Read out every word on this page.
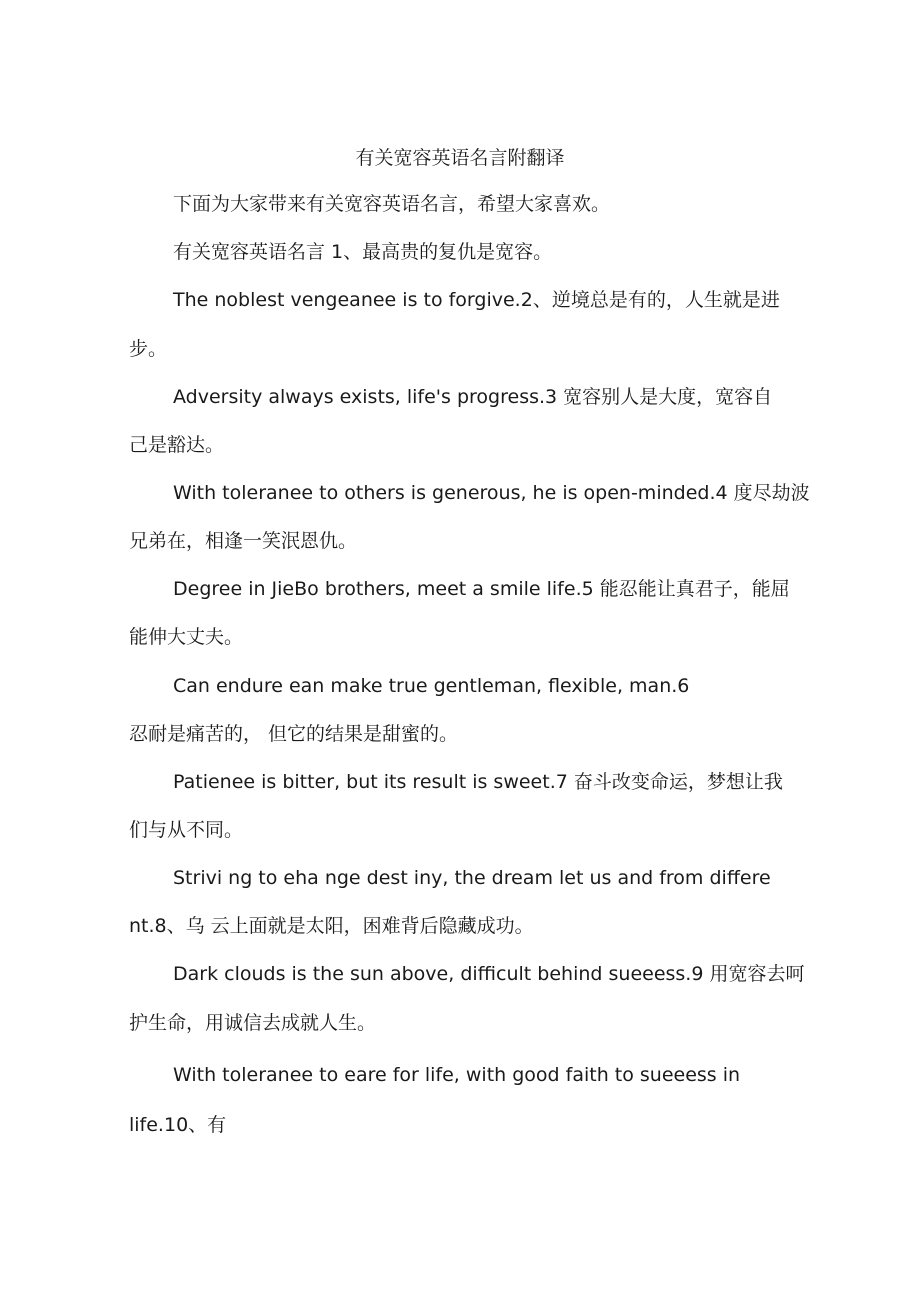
有关宽容英语名言附翻译
下面为大家带来有关宽容英语名言，希望大家喜欢。
有关宽容英语名言 1、最高贵的复仇是宽容。
The noblest vengeanee is to forgive.2、逆境总是有的，人生就是进
步。
Adversity always exists, life's progress.3 宽容别人是大度，宽容自
己是豁达。
With toleranee to others is generous, he is open-minded.4 度尽劫波
兄弟在，相逢一笑泯恩仇。
Degree in JieBo brothers, meet a smile life.5 能忍能让真君子，能屈
能伸大丈夫。
Can endure ean make true gentleman, flexible, man.6
忍耐是痛苦的， 但它的结果是甜蜜的。
Patienee is bitter, but its result is sweet.7 奋斗改变命运，梦想让我
们与从不同。
Strivi ng to eha nge dest iny, the dream let us and from differe
nt.8、乌 云上面就是太阳，困难背后隐藏成功。
Dark clouds is the sun above, difficult behind sueeess.9 用宽容去呵
护生命，用诚信去成就人生。
With toleranee to eare for life, with good faith to sueeess in
life.10、有
